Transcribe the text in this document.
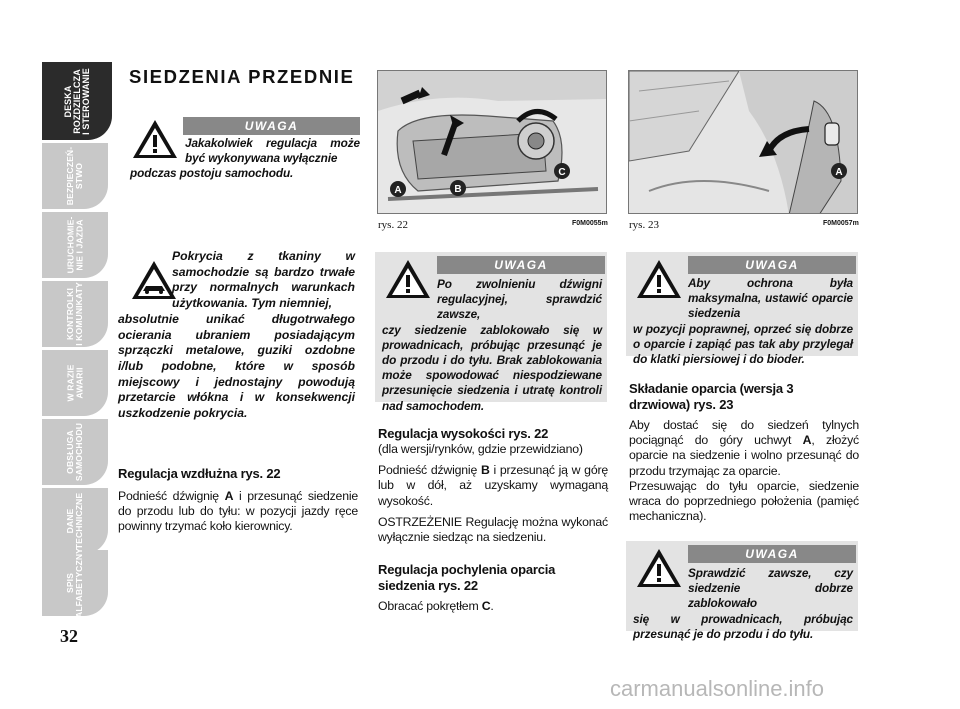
DESKA
ROZDZIELCZA
I STEROWANIE
BEZPIECZEŃ-
STWO
URUCHOMIE-
NIE I JAZDA
KONTROLKI
I KOMUNIKATY
W RAZIE
AWARII
OBSŁUGA
SAMOCHODU
DANE
TECHNICZNE
SPIS
ALFABETYCZNY
32
SIEDZENIA PRZEDNIE
UWAGA
Jakakolwiek regulacja może być wykonywana wyłącznie
podczas postoju samochodu.
Pokrycia z tkaniny w samochodzie są bardzo trwałe przy normalnych warunkach użytkowania. Tym niemniej,
absolutnie unikać długotrwałego ocierania ubraniem posiadającym sprzączki metalowe, guziki ozdobne i/lub podobne, które w sposób miejscowy i jednostajny powodują przetarcie włókna i w konsekwencji uszkodzenie pokrycia.
Regulacja wzdłużna rys. 22
Podnieść dźwignię A i przesunąć siedzenie do przodu lub do tyłu: w pozycji jazdy ręce powinny trzymać koło kierownicy.
A	B
C
rys. 22	F0M0055m
A
rys. 23	F0M0057m
UWAGA
Po zwolnieniu dźwigni regulacyjnej, sprawdzić zawsze,
czy siedzenie zablokowało się w prowadnicach, próbując przesunąć je do przodu i do tyłu. Brak zablokowania może spowodować niespodziewane przesunięcie siedzenia i utratę kontroli nad samochodem.
Regulacja wysokości rys. 22
(dla wersji/rynków, gdzie przewidziano)
Podnieść dźwignię B i przesunąć ją w górę lub w dół, aż uzyskamy wymaganą wysokość.
OSTRZEŻENIE Regulację można wykonać wyłącznie siedząc na siedzeniu.
Regulacja pochylenia oparcia siedzenia rys. 22
Obracać pokrętłem C.
UWAGA
Aby ochrona była maksymalna, ustawić oparcie siedzenia
w pozycji poprawnej, oprzeć się dobrze o oparcie i zapiąć pas tak aby przylegał do klatki piersiowej i do bioder.
Składanie oparcia (wersja 3 drzwiowa) rys. 23
Aby dostać się do siedzeń tylnych pociągnąć do góry uchwyt A, złożyć oparcie na siedzenie i wolno przesunąć do przodu trzymając za oparcie.
Przesuwając do tyłu oparcie, siedzenie wraca do poprzedniego położenia (pamięć mechaniczna).
UWAGA
Sprawdzić zawsze, czy siedzenie dobrze zablokowało
się w prowadnicach, próbując przesunąć je do przodu i do tyłu.
carmanualsonline.info
